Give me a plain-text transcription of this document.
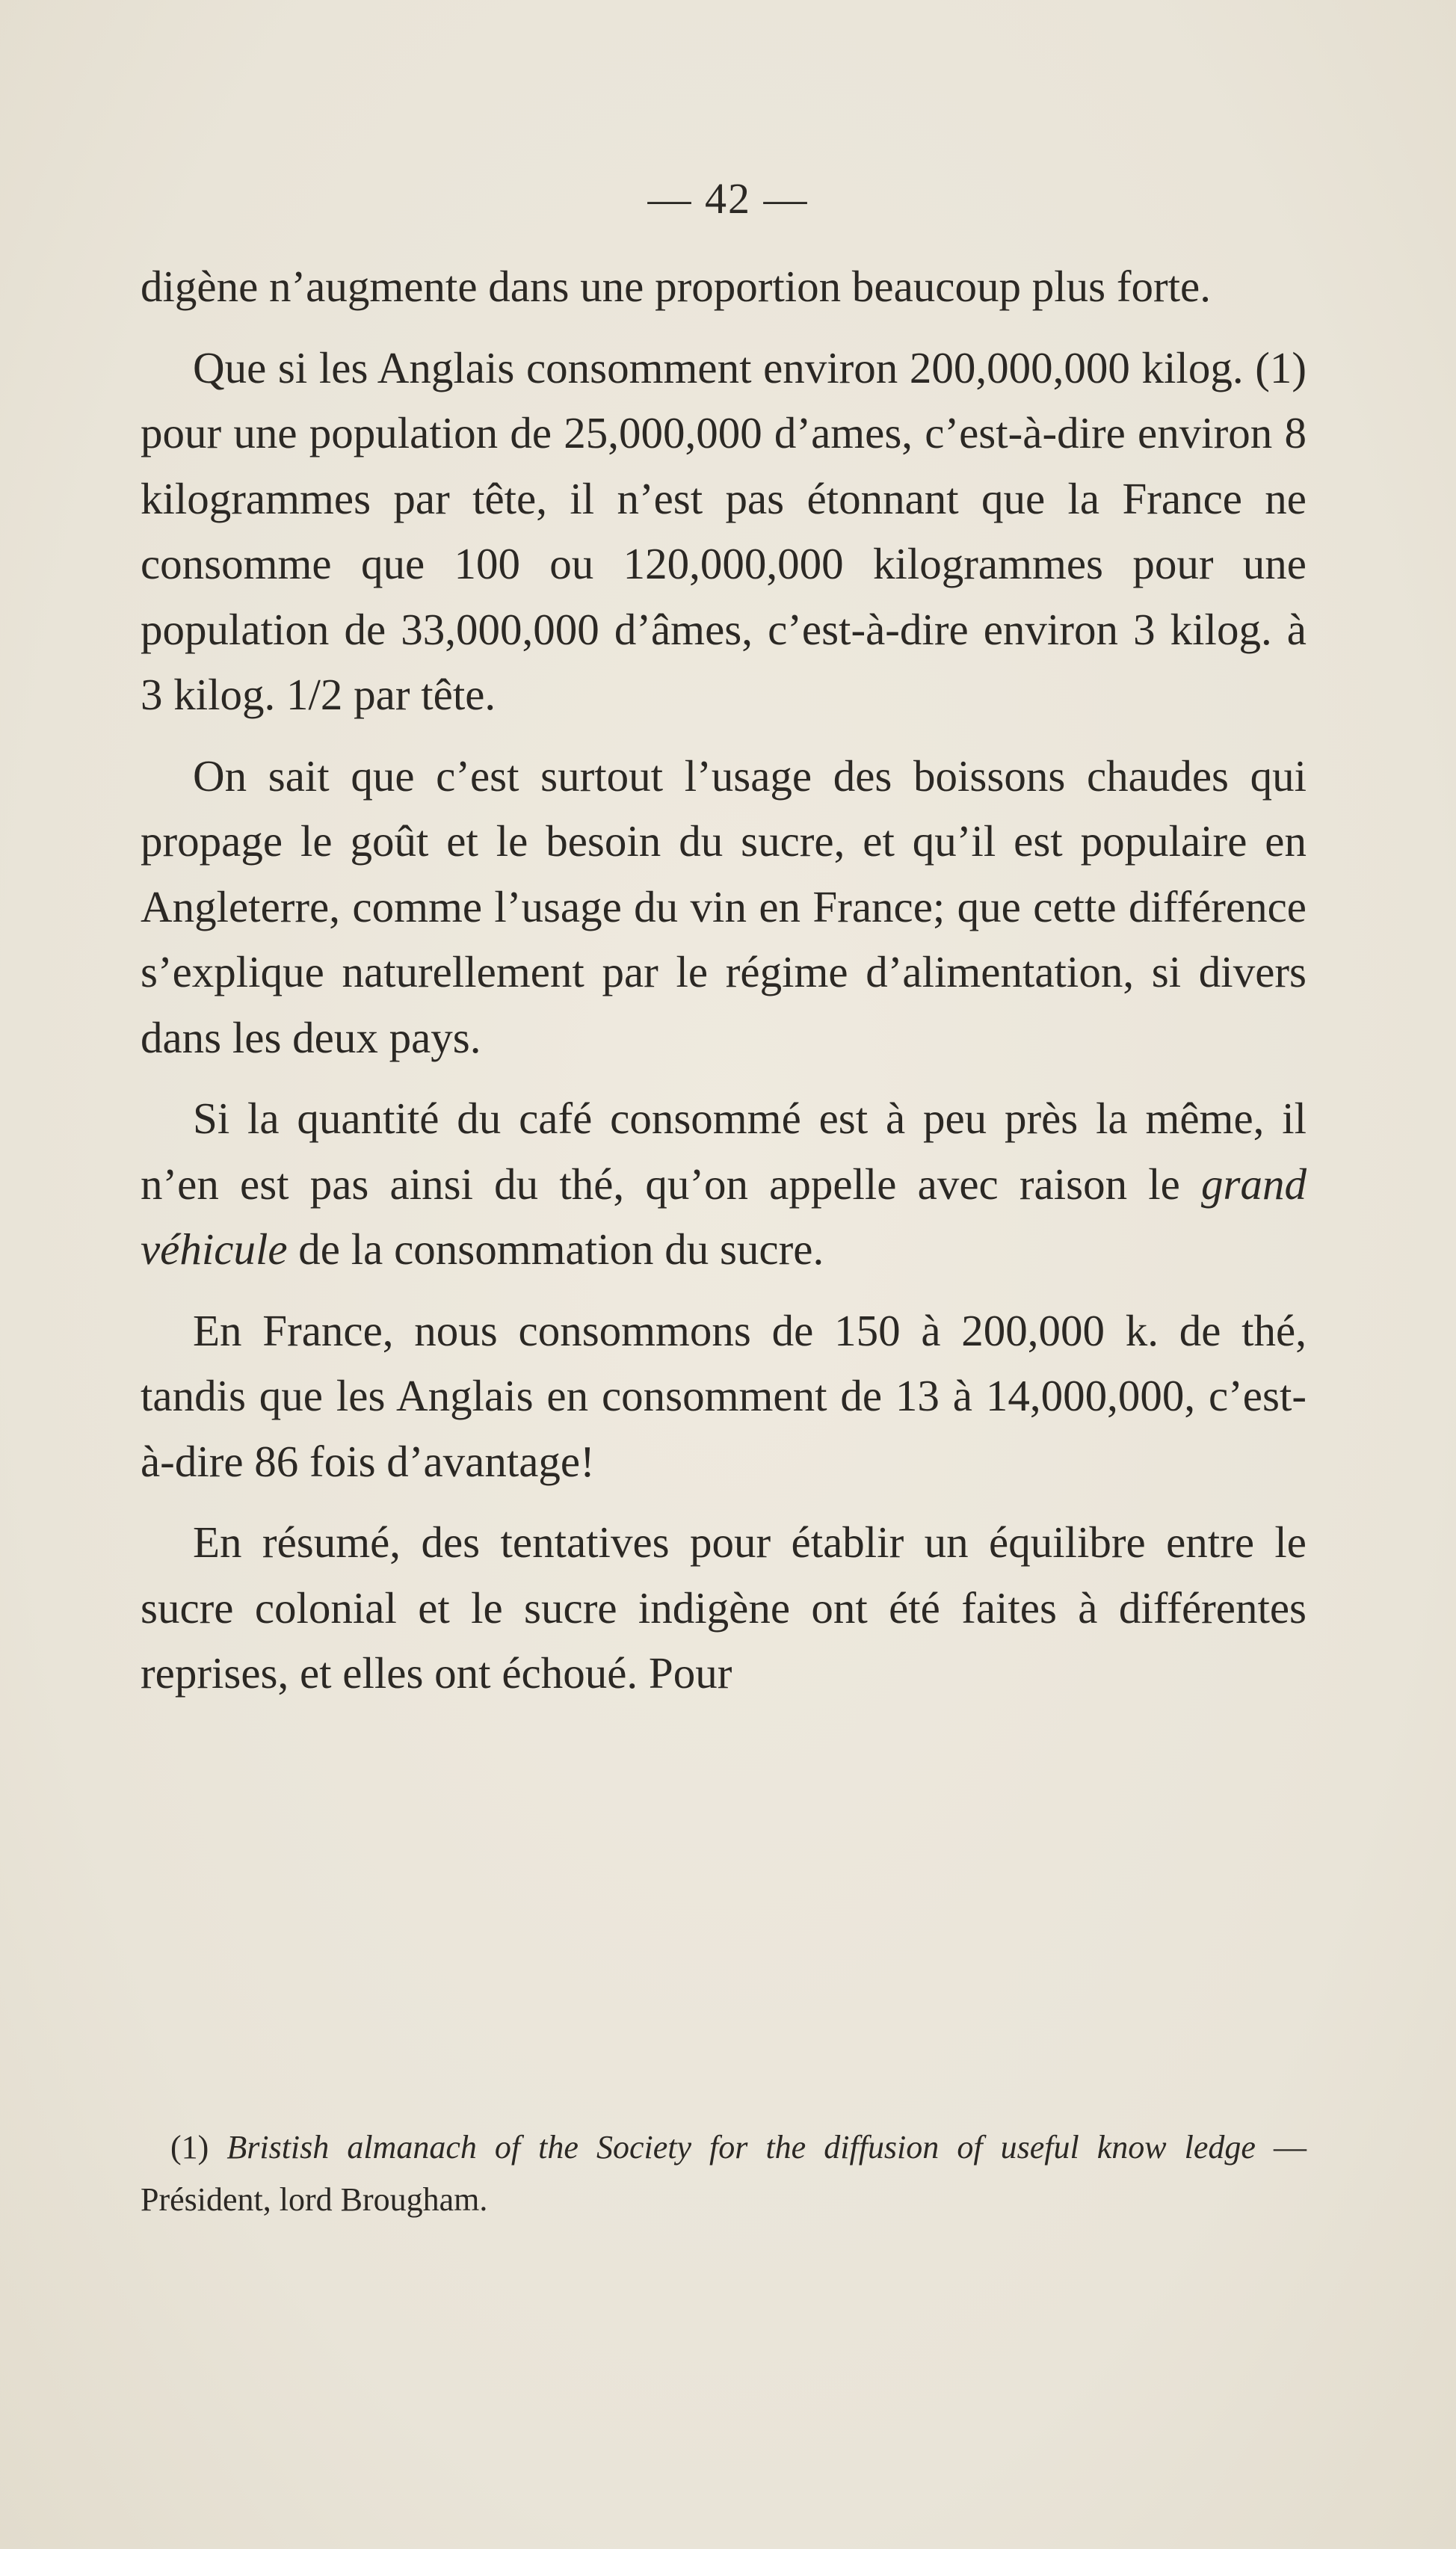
— 42 —

digène n’augmente dans une proportion beaucoup plus forte.

Que si les Anglais consomment environ 200,000,000 kilog. (1) pour une population de 25,000,000 d’ames, c’est-à-dire environ 8 kilogrammes par tête, il n’est pas étonnant que la France ne consomme que 100 ou 120,000,000 kilogrammes pour une population de 33,000,000 d’âmes, c’est-à-dire environ 3 kilog. à 3 kilog. 1/2 par tête.

On sait que c’est surtout l’usage des boissons chaudes qui propage le goût et le besoin du sucre, et qu’il est populaire en Angleterre, comme l’usage du vin en France; que cette différence s’explique naturellement par le régime d’alimentation, si divers dans les deux pays.

Si la quantité du café consommé est à peu près la même, il n’en est pas ainsi du thé, qu’on appelle avec raison le grand véhicule de la consommation du sucre.

En France, nous consommons de 150 à 200,000 k. de thé, tandis que les Anglais en consomment de 13 à 14,000,000, c’est-à-dire 86 fois d’avantage!

En résumé, des tentatives pour établir un équilibre entre le sucre colonial et le sucre indigène ont été faites à différentes reprises, et elles ont échoué. Pour

(1) Bristish almanach of the Society for the diffusion of useful know ledge — Président, lord Brougham.
